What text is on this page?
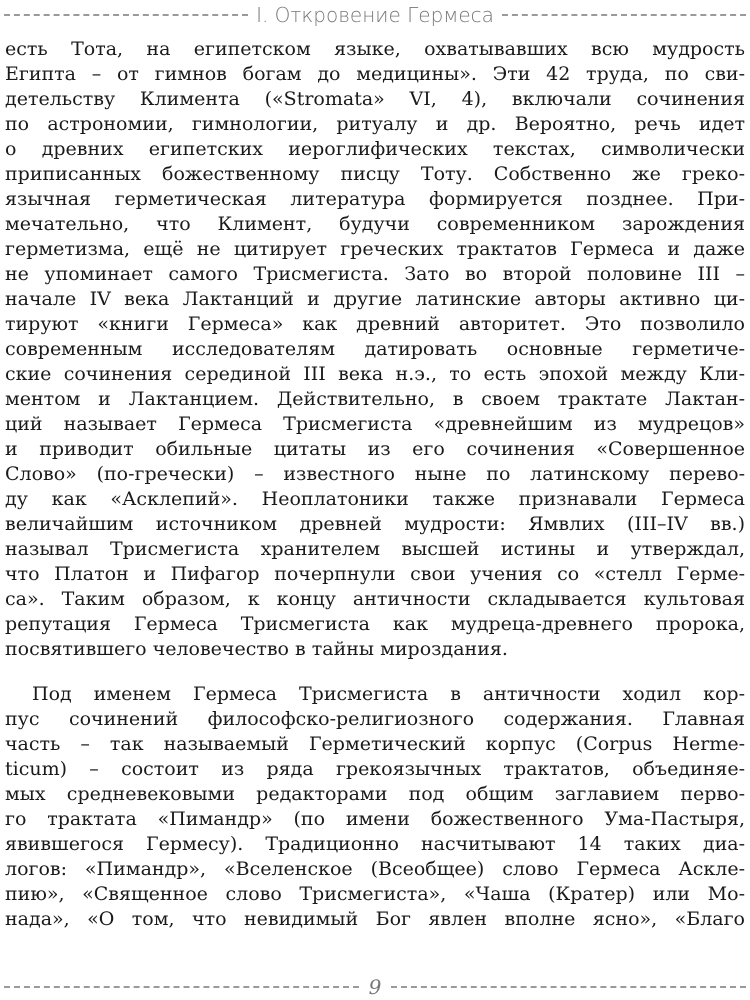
I. Откровение Гермеса
есть Тота, на египетском языке, охватывавших всю мудрость
Египта – от гимнов богам до медицины». Эти 42 труда, по сви-
детельству Климента («Stromata» VI, 4), включали сочинения
по астрономии, гимнологии, ритуалу и др. Вероятно, речь идет
о древних египетских иероглифических текстах, символически
приписанных божественному писцу Тоту. Собственно же греко-
язычная герметическая литература формируется позднее. При-
мечательно, что Климент, будучи современником зарождения
герметизма, ещё не цитирует греческих трактатов Гермеса и даже
не упоминает самого Трисмегиста. Зато во второй половине III –
начале IV века Лактанций и другие латинские авторы активно ци-
тируют «книги Гермеса» как древний авторитет. Это позволило
современным исследователям датировать основные герметиче-
ские сочинения серединой III века н.э., то есть эпохой между Кли-
ментом и Лактанцием. Действительно, в своем трактате Лактан-
ций называет Гермеса Трисмегиста «древнейшим из мудрецов»
и приводит обильные цитаты из его сочинения «Совершенное
Слово» (по-гречески) – известного ныне по латинскому перево-
ду как «Асклепий». Неоплатоники также признавали Гермеса
величайшим источником древней мудрости: Ямвлих (III–IV вв.)
называл Трисмегиста хранителем высшей истины и утверждал,
что Платон и Пифагор почерпнули свои учения со «стелл Герме-
са». Таким образом, к концу античности складывается культовая
репутация Гермеса Трисмегиста как мудреца-древнего пророка,
посвятившего человечество в тайны мироздания.
Под именем Гермеса Трисмегиста в античности ходил кор-
пус сочинений философско-религиозного содержания. Главная
часть – так называемый Герметический корпус (Corpus Herme-
ticum) – состоит из ряда грекоязычных трактатов, объединяе-
мых средневековыми редакторами под общим заглавием перво-
го трактата «Пимандр» (по имени божественного Ума-Пастыря,
явившегося Гермесу). Традиционно насчитывают 14 таких диа-
логов: «Пимандр», «Вселенское (Всеобщее) слово Гермеса Аскле-
пию», «Священное слово Трисмегиста», «Чаша (Кратер) или Мо-
нада», «О том, что невидимый Бог явлен вполне ясно», «Благо
9
